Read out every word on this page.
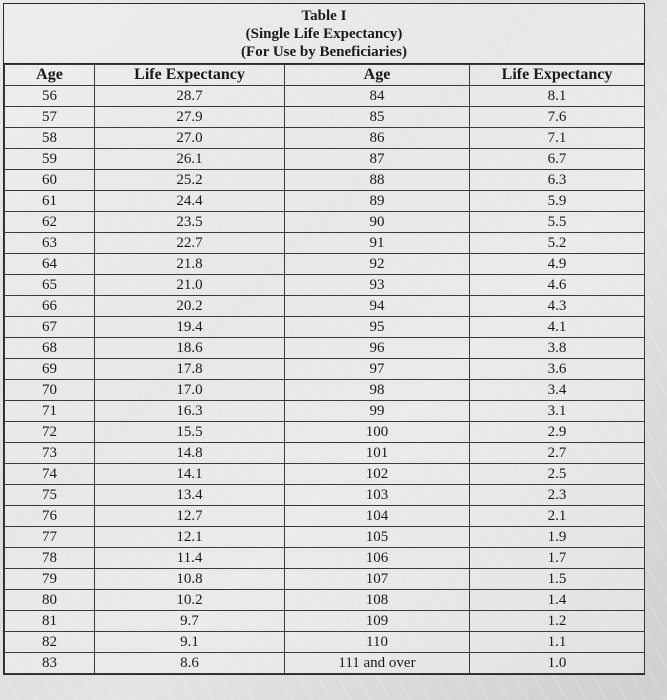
Table I
(Single Life Expectancy)
(For Use by Beneficiaries)
Age	Life Expectancy	Age	Life Expectancy
56	28.7	84	8.1
57	27.9	85	7.6
58	27.0	86	7.1
59	26.1	87	6.7
60	25.2	88	6.3
61	24.4	89	5.9
62	23.5	90	5.5
63	22.7	91	5.2
64	21.8	92	4.9
65	21.0	93	4.6
66	20.2	94	4.3
67	19.4	95	4.1
68	18.6	96	3.8
69	17.8	97	3.6
70	17.0	98	3.4
71	16.3	99	3.1
72	15.5	100	2.9
73	14.8	101	2.7
74	14.1	102	2.5
75	13.4	103	2.3
76	12.7	104	2.1
77	12.1	105	1.9
78	11.4	106	1.7
79	10.8	107	1.5
80	10.2	108	1.4
81	9.7	109	1.2
82	9.1	110	1.1
83	8.6	111 and over	1.0
